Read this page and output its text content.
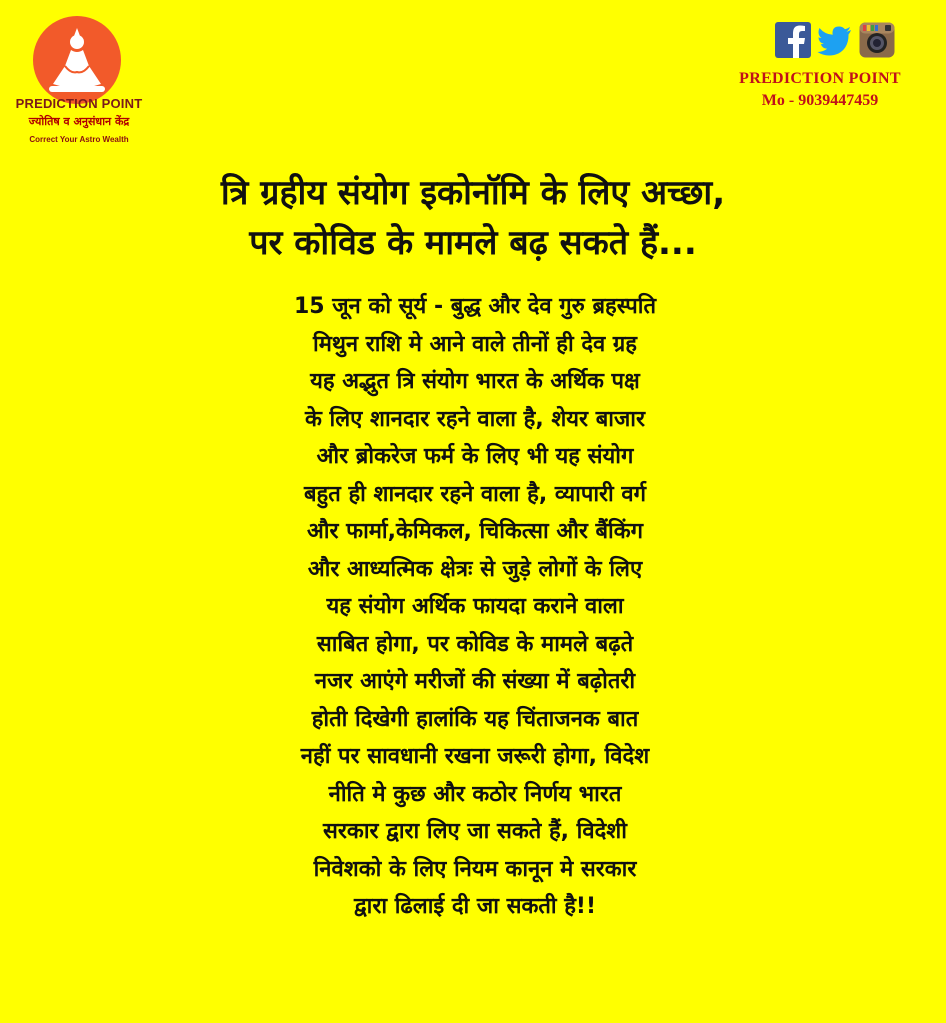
PREDICTION POINT
ज्योतिष व अनुसंधान केंद्र
Correct Your Astro Wealth
PREDICTION POINT
Mo - 9039447459
त्रि ग्रहीय संयोग इकोनॉमि के लिए अच्छा,
पर कोविड के मामले बढ़ सकते हैं...
15 जून को सूर्य - बुद्ध और देव गुरु ब्रहस्पति
मिथुन राशि मे आने वाले तीनों ही देव ग्रह
यह अद्भुत त्रि संयोग भारत के अर्थिक पक्ष
के लिए शानदार रहने वाला है, शेयर बाजार
और ब्रोकरेज फर्म के लिए भी यह संयोग
बहुत ही शानदार रहने वाला है, व्यापारी वर्ग
और फार्मा,केमिकल, चिकित्सा और बैंकिंग
और आध्यत्मिक क्षेत्रः से जुड़े लोगों के लिए
यह संयोग अर्थिक फायदा कराने वाला
साबित होगा, पर कोविड के मामले बढ़ते
नजर आएंगे मरीजों की संख्या में बढ़ोतरी
होती दिखेगी हालांकि यह चिंताजनक बात
नहीं पर सावधानी रखना जरूरी होगा, विदेश
नीति मे कुछ और कठोर निर्णय भारत
सरकार द्वारा लिए जा सकते हैं, विदेशी
निवेशको के लिए नियम कानून मे सरकार
द्वारा ढिलाई दी जा सकती है!!
